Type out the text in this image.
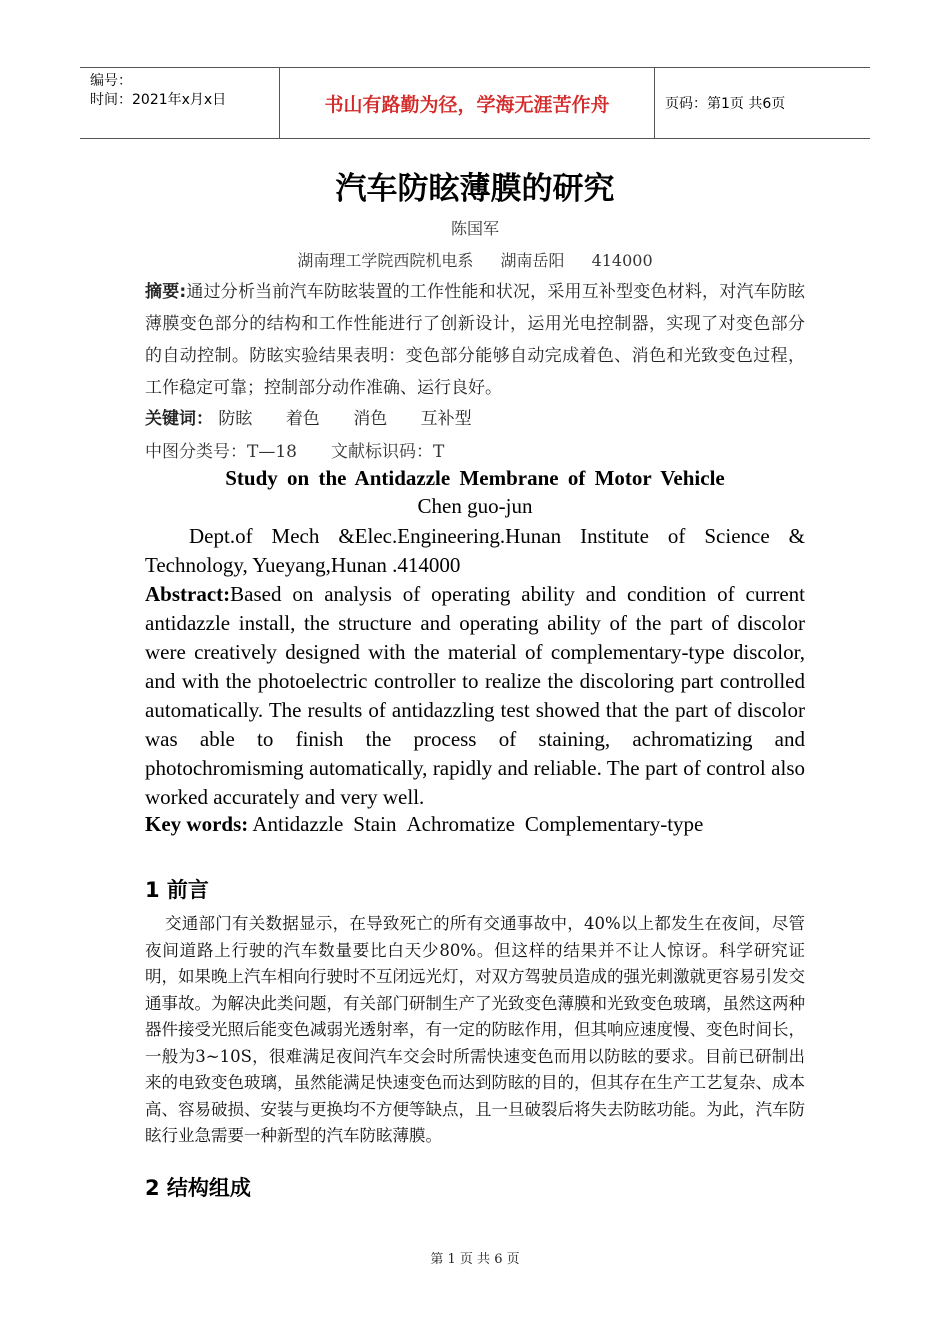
编号：
时间：2021年x月x日	书山有路勤为径，学海无涯苦作舟	页码：第1页 共6页
汽车防眩薄膜的研究
陈国军
湖南理工学院西院机电系 湖南岳阳 414000
摘要:通过分析当前汽车防眩装置的工作性能和状况，采用互补型变色材料，对汽车防眩薄膜变色部分的结构和工作性能进行了创新设计，运用光电控制器，实现了对变色部分的自动控制。防眩实验结果表明：变色部分能够自动完成着色、消色和光致变色过程，工作稳定可靠；控制部分动作准确、运行良好。
关键词： 防眩 着色 消色 互补型
中图分类号：T—18 文献标识码：T
Study on the Antidazzle Membrane of Motor Vehicle
Chen guo-jun
Dept.of Mech &Elec.Engineering.Hunan Institute of Science & Technology, Yueyang,Hunan .414000
Abstract:Based on analysis of operating ability and condition of current antidazzle install, the structure and operating ability of the part of discolor were creatively designed with the material of complementary-type discolor, and with the photoelectric controller to realize the discoloring part controlled automatically. The results of antidazzling test showed that the part of discolor was able to finish the process of staining, achromatizing and photochromisming automatically, rapidly and reliable. The part of control also worked accurately and very well.
Key words: Antidazzle Stain Achromatize Complementary-type
1 前言
交通部门有关数据显示，在导致死亡的所有交通事故中，40%以上都发生在夜间，尽管夜间道路上行驶的汽车数量要比白天少80%。但这样的结果并不让人惊讶。科学研究证明，如果晚上汽车相向行驶时不互闭远光灯，对双方驾驶员造成的强光刺激就更容易引发交通事故。为解决此类问题，有关部门研制生产了光致变色薄膜和光致变色玻璃，虽然这两种器件接受光照后能变色减弱光透射率，有一定的防眩作用，但其响应速度慢、变色时间长，一般为3~10S，很难满足夜间汽车交会时所需快速变色而用以防眩的要求。目前已研制出来的电致变色玻璃，虽然能满足快速变色而达到防眩的目的，但其存在生产工艺复杂、成本高、容易破损、安装与更换均不方便等缺点，且一旦破裂后将失去防眩功能。为此，汽车防眩行业急需要一种新型的汽车防眩薄膜。
2 结构组成
第 1 页 共 6 页
